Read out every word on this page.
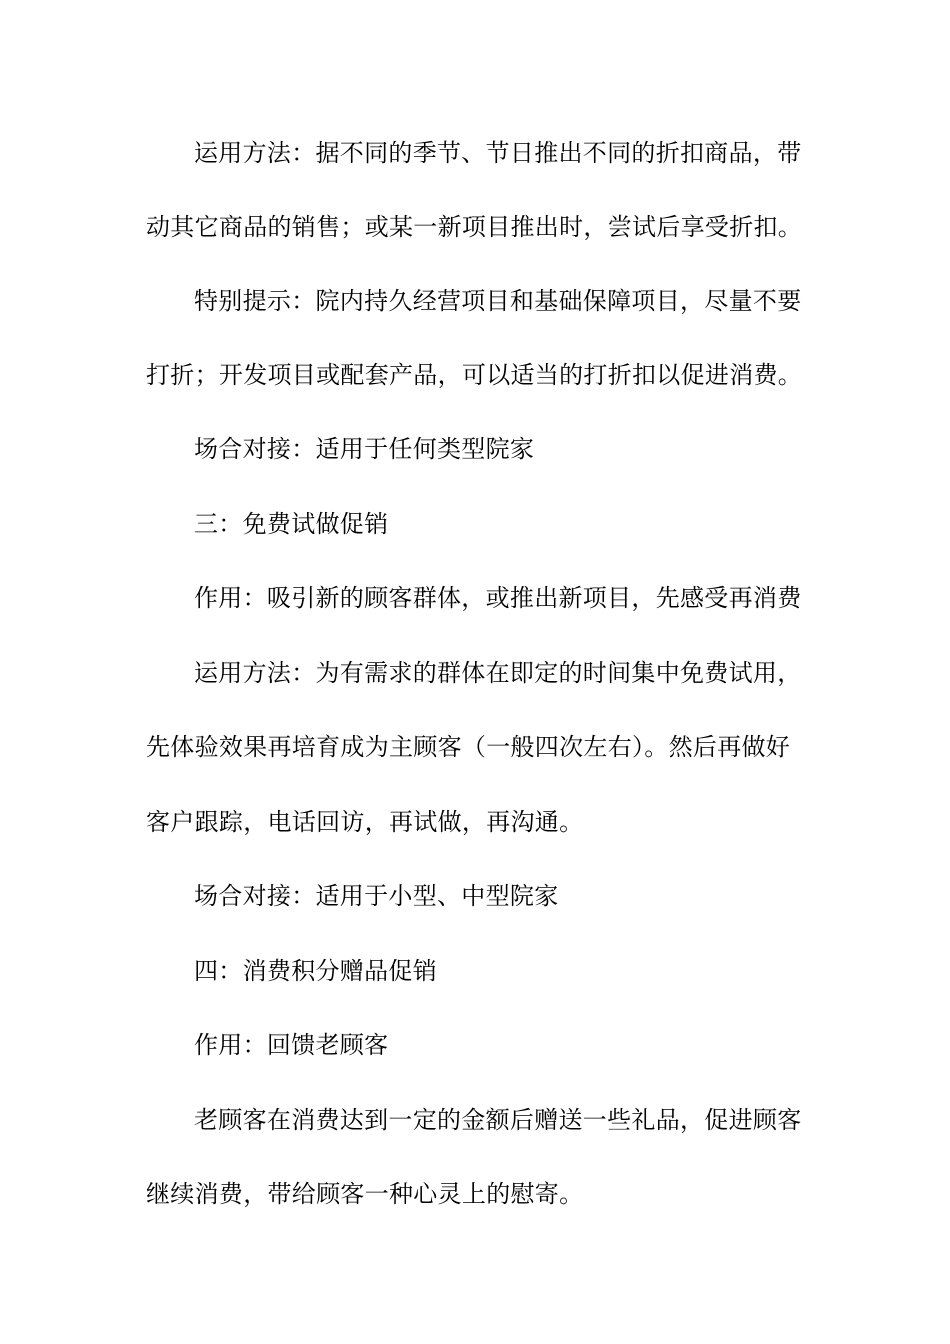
运用方法：据不同的季节、节日推出不同的折扣商品，带
动其它商品的销售；或某一新项目推出时，尝试后享受折扣。
特别提示：院内持久经营项目和基础保障项目，尽量不要
打折；开发项目或配套产品，可以适当的打折扣以促进消费。
场合对接：适用于任何类型院家
三：免费试做促销
作用：吸引新的顾客群体，或推出新项目，先感受再消费
运用方法：为有需求的群体在即定的时间集中免费试用，
先体验效果再培育成为主顾客（一般四次左右）。然后再做好
客户跟踪，电话回访，再试做，再沟通。
场合对接：适用于小型、中型院家
四：消费积分赠品促销
作用：回馈老顾客
老顾客在消费达到一定的金额后赠送一些礼品，促进顾客
继续消费，带给顾客一种心灵上的慰寄。
